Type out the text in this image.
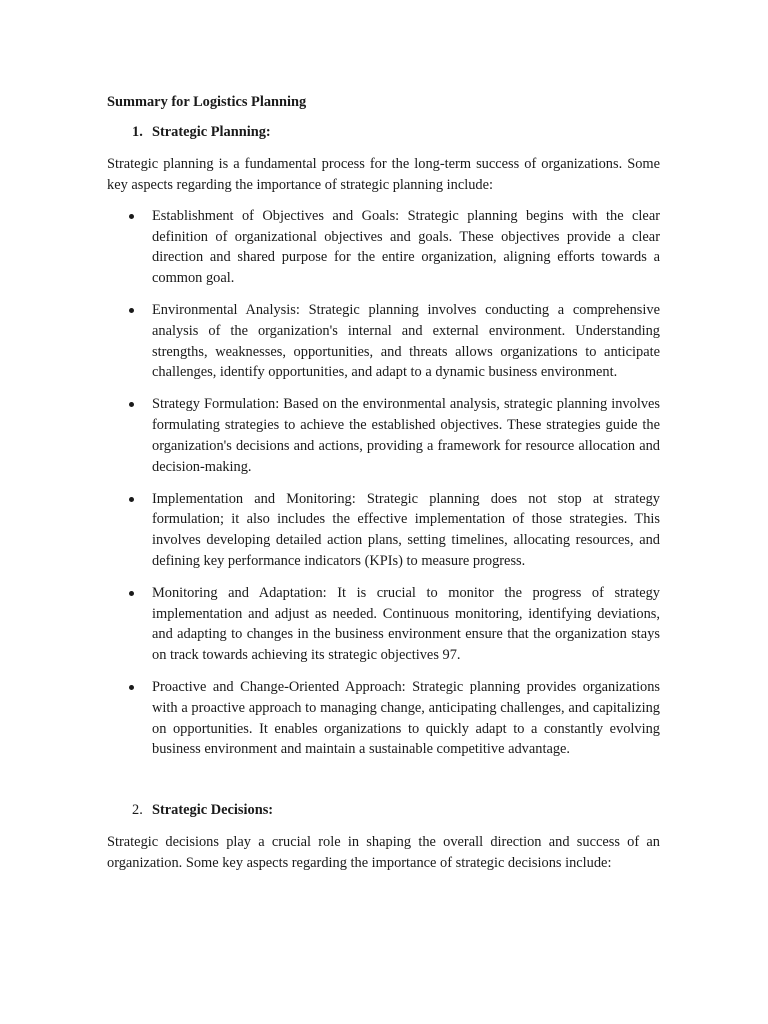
Summary for Logistics Planning
1. Strategic Planning:

Strategic planning is a fundamental process for the long-term success of organizations. Some key aspects regarding the importance of strategic planning include:

Establishment of Objectives and Goals: Strategic planning begins with the clear definition of organizational objectives and goals. These objectives provide a clear direction and shared purpose for the entire organization, aligning efforts towards a common goal.
Environmental Analysis: Strategic planning involves conducting a comprehensive analysis of the organization's internal and external environment. Understanding strengths, weaknesses, opportunities, and threats allows organizations to anticipate challenges, identify opportunities, and adapt to a dynamic business environment.
Strategy Formulation: Based on the environmental analysis, strategic planning involves formulating strategies to achieve the established objectives. These strategies guide the organization's decisions and actions, providing a framework for resource allocation and decision-making.
Implementation and Monitoring: Strategic planning does not stop at strategy formulation; it also includes the effective implementation of those strategies. This involves developing detailed action plans, setting timelines, allocating resources, and defining key performance indicators (KPIs) to measure progress.
Monitoring and Adaptation: It is crucial to monitor the progress of strategy implementation and adjust as needed. Continuous monitoring, identifying deviations, and adapting to changes in the business environment ensure that the organization stays on track towards achieving its strategic objectives 97.
Proactive and Change-Oriented Approach: Strategic planning provides organizations with a proactive approach to managing change, anticipating challenges, and capitalizing on opportunities. It enables organizations to quickly adapt to a constantly evolving business environment and maintain a sustainable competitive advantage.
2. Strategic Decisions:

Strategic decisions play a crucial role in shaping the overall direction and success of an organization. Some key aspects regarding the importance of strategic decisions include:
